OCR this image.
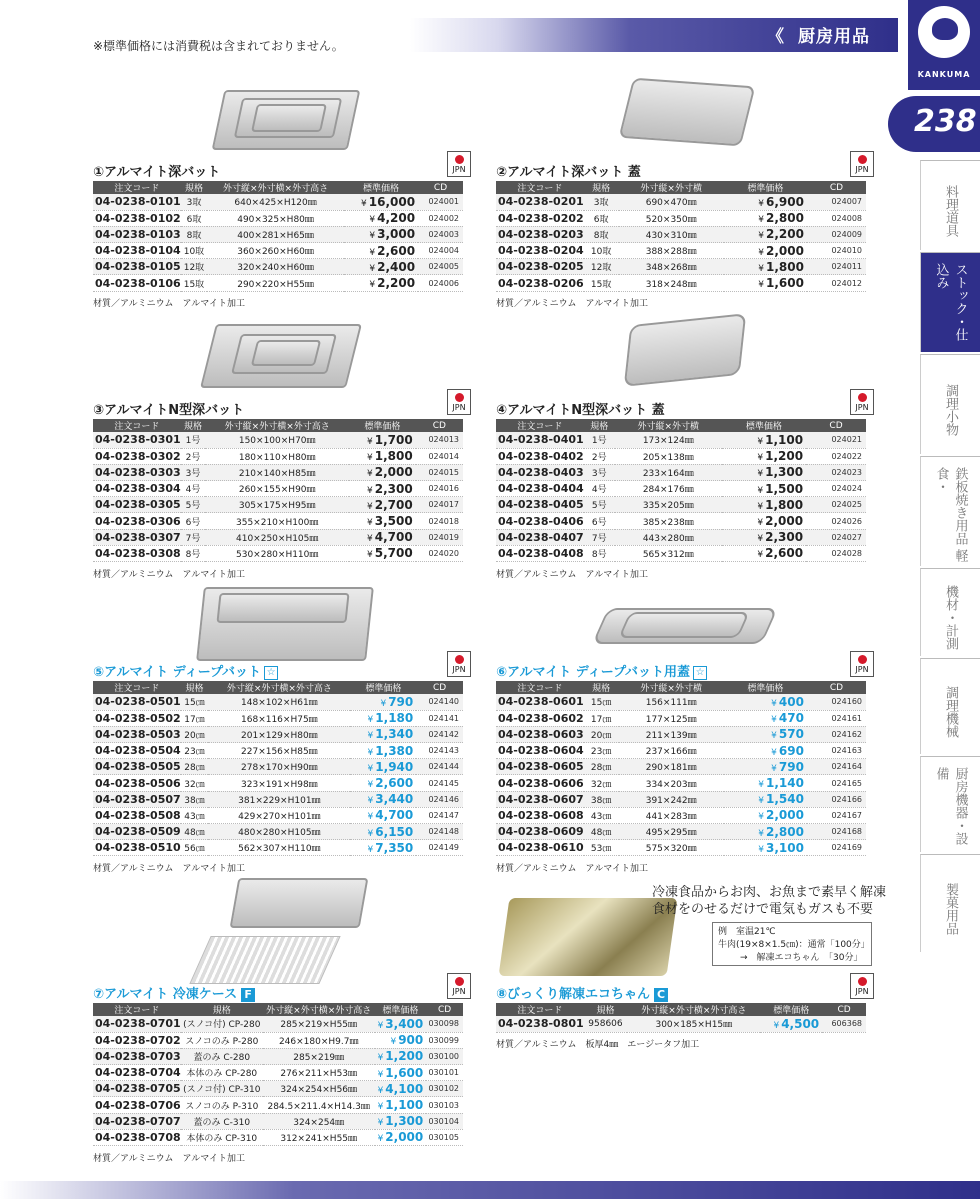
※標準価格には消費税は含まれておりません。	《 厨房用品
KANKUMA
238
料理道具
ストック・仕込み
調理小物
鉄板焼き用品 軽食・
機材・計測
調理機械
厨房機器・設備
製菓用品
冷凍食品からお肉、お魚まで素早く解凍
食材をのせるだけで電気もガスも不要
例　室温21℃
牛肉(19×8×1.5㎝)：通常「100分」
→　解凍エコちゃん　「30分」
①アルマイト深バット	JPN
注文コード	規格	外寸縦×外寸横×外寸高さ	標準価格	CD
04-0238-0101	3取	640×425×H120㎜	¥ 16,000	024001
04-0238-0102	6取	490×325×H80㎜	¥ 4,200	024002
04-0238-0103	8取	400×281×H65㎜	¥ 3,000	024003
04-0238-0104	10取	360×260×H60㎜	¥ 2,600	024004
04-0238-0105	12取	320×240×H60㎜	¥ 2,400	024005
04-0238-0106	15取	290×220×H55㎜	¥ 2,200	024006
材質／アルミニウム　アルマイト加工
②アルマイト深バット 蓋	JPN
注文コード	規格	外寸縦×外寸横	標準価格	CD
04-0238-0201	3取	690×470㎜	¥ 6,900	024007
04-0238-0202	6取	520×350㎜	¥ 2,800	024008
04-0238-0203	8取	430×310㎜	¥ 2,200	024009
04-0238-0204	10取	388×288㎜	¥ 2,000	024010
04-0238-0205	12取	348×268㎜	¥ 1,800	024011
04-0238-0206	15取	318×248㎜	¥ 1,600	024012
材質／アルミニウム　アルマイト加工
③アルマイトN型深バット	JPN
注文コード	規格	外寸縦×外寸横×外寸高さ	標準価格	CD
04-0238-0301	1号	150×100×H70㎜	¥ 1,700	024013
04-0238-0302	2号	180×110×H80㎜	¥ 1,800	024014
04-0238-0303	3号	210×140×H85㎜	¥ 2,000	024015
04-0238-0304	4号	260×155×H90㎜	¥ 2,300	024016
04-0238-0305	5号	305×175×H95㎜	¥ 2,700	024017
04-0238-0306	6号	355×210×H100㎜	¥ 3,500	024018
04-0238-0307	7号	410×250×H105㎜	¥ 4,700	024019
04-0238-0308	8号	530×280×H110㎜	¥ 5,700	024020
材質／アルミニウム　アルマイト加工
④アルマイトN型深バット 蓋	JPN
注文コード	規格	外寸縦×外寸横	標準価格	CD
04-0238-0401	1号	173×124㎜	¥ 1,100	024021
04-0238-0402	2号	205×138㎜	¥ 1,200	024022
04-0238-0403	3号	233×164㎜	¥ 1,300	024023
04-0238-0404	4号	284×176㎜	¥ 1,500	024024
04-0238-0405	5号	335×205㎜	¥ 1,800	024025
04-0238-0406	6号	385×238㎜	¥ 2,000	024026
04-0238-0407	7号	443×280㎜	¥ 2,300	024027
04-0238-0408	8号	565×312㎜	¥ 2,600	024028
材質／アルミニウム　アルマイト加工
⑤アルマイト ディープバット ☆	JPN
注文コード	規格	外寸縦×外寸横×外寸高さ	標準価格	CD
04-0238-0501	15㎝	148×102×H61㎜	¥ 790	024140
04-0238-0502	17㎝	168×116×H75㎜	¥ 1,180	024141
04-0238-0503	20㎝	201×129×H80㎜	¥ 1,340	024142
04-0238-0504	23㎝	227×156×H85㎜	¥ 1,380	024143
04-0238-0505	28㎝	278×170×H90㎜	¥ 1,940	024144
04-0238-0506	32㎝	323×191×H98㎜	¥ 2,600	024145
04-0238-0507	38㎝	381×229×H101㎜	¥ 3,440	024146
04-0238-0508	43㎝	429×270×H101㎜	¥ 4,700	024147
04-0238-0509	48㎝	480×280×H105㎜	¥ 6,150	024148
04-0238-0510	56㎝	562×307×H110㎜	¥ 7,350	024149
材質／アルミニウム　アルマイト加工
⑥アルマイト ディープバット用蓋 ☆	JPN
注文コード	規格	外寸縦×外寸横	標準価格	CD
04-0238-0601	15㎝	156×111㎜	¥ 400	024160
04-0238-0602	17㎝	177×125㎜	¥ 470	024161
04-0238-0603	20㎝	211×139㎜	¥ 570	024162
04-0238-0604	23㎝	237×166㎜	¥ 690	024163
04-0238-0605	28㎝	290×181㎜	¥ 790	024164
04-0238-0606	32㎝	334×203㎜	¥ 1,140	024165
04-0238-0607	38㎝	391×242㎜	¥ 1,540	024166
04-0238-0608	43㎝	441×283㎜	¥ 2,000	024167
04-0238-0609	48㎝	495×295㎜	¥ 2,800	024168
04-0238-0610	53㎝	575×320㎜	¥ 3,100	024169
材質／アルミニウム　アルマイト加工
⑦アルマイト 冷凍ケース F	JPN
注文コード	規格	外寸縦×外寸横×外寸高さ	標準価格	CD
04-0238-0701	(スノコ付) CP-280	285×219×H55㎜	¥ 3,400	030098
04-0238-0702	スノコのみ P-280	246×180×H9.7㎜	¥ 900	030099
04-0238-0703	蓋のみ C-280	285×219㎜	¥ 1,200	030100
04-0238-0704	本体のみ CP-280	276×211×H53㎜	¥ 1,600	030101
04-0238-0705	(スノコ付) CP-310	324×254×H56㎜	¥ 4,100	030102
04-0238-0706	スノコのみ P-310	284.5×211.4×H14.3㎜	¥ 1,100	030103
04-0238-0707	蓋のみ C-310	324×254㎜	¥ 1,300	030104
04-0238-0708	本体のみ CP-310	312×241×H55㎜	¥ 2,000	030105
材質／アルミニウム　アルマイト加工
⑧びっくり解凍エコちゃん C	JPN
注文コード	規格	外寸縦×外寸横×外寸高さ	標準価格	CD
04-0238-0801	958606	300×185×H15㎜	¥ 4,500	606368
材質／アルミニウム　板厚4㎜　エージータフ加工
